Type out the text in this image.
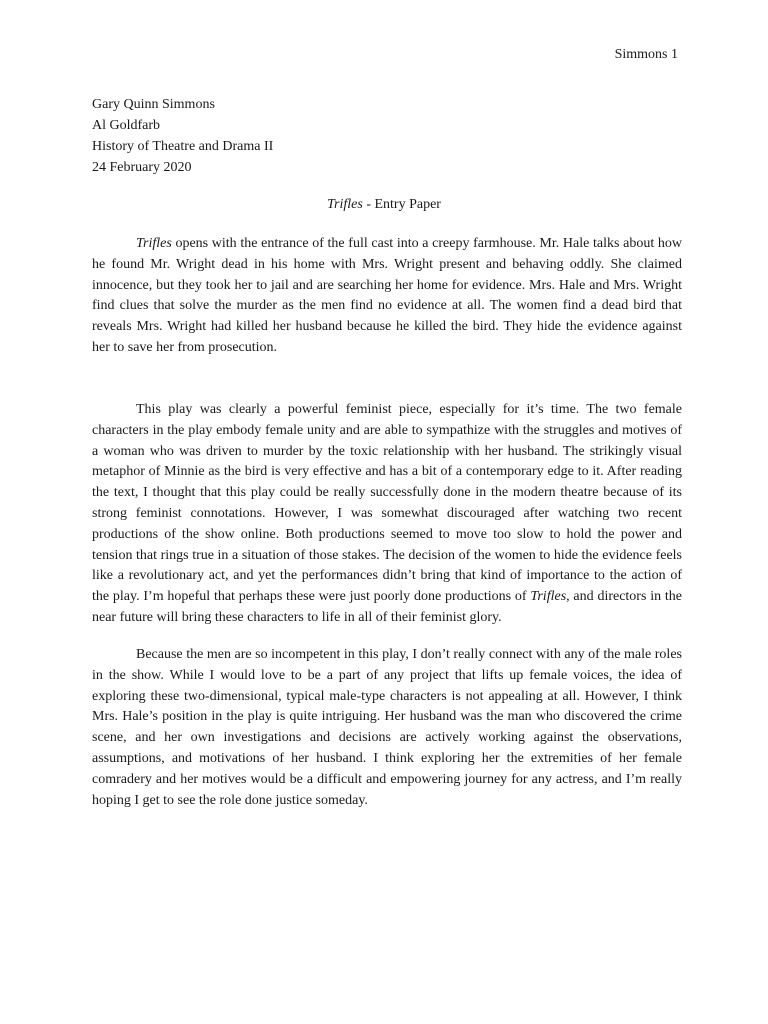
Simmons 1
Gary Quinn Simmons
Al Goldfarb
History of Theatre and Drama II
24 February 2020
Trifles - Entry Paper

Trifles opens with the entrance of the full cast into a creepy farmhouse. Mr. Hale talks about how he found Mr. Wright dead in his home with Mrs. Wright present and behaving oddly. She claimed innocence, but they took her to jail and are searching her home for evidence. Mrs. Hale and Mrs. Wright find clues that solve the murder as the men find no evidence at all. The women find a dead bird that reveals Mrs. Wright had killed her husband because he killed the bird. They hide the evidence against her to save her from prosecution.

This play was clearly a powerful feminist piece, especially for it’s time. The two female characters in the play embody female unity and are able to sympathize with the struggles and motives of a woman who was driven to murder by the toxic relationship with her husband. The strikingly visual metaphor of Minnie as the bird is very effective and has a bit of a contemporary edge to it. After reading the text, I thought that this play could be really successfully done in the modern theatre because of its strong feminist connotations. However, I was somewhat discouraged after watching two recent productions of the show online. Both productions seemed to move too slow to hold the power and tension that rings true in a situation of those stakes. The decision of the women to hide the evidence feels like a revolutionary act, and yet the performances didn’t bring that kind of importance to the action of the play. I’m hopeful that perhaps these were just poorly done productions of Trifles, and directors in the near future will bring these characters to life in all of their feminist glory.

Because the men are so incompetent in this play, I don’t really connect with any of the male roles in the show. While I would love to be a part of any project that lifts up female voices, the idea of exploring these two-dimensional, typical male-type characters is not appealing at all. However, I think Mrs. Hale’s position in the play is quite intriguing. Her husband was the man who discovered the crime scene, and her own investigations and decisions are actively working against the observations, assumptions, and motivations of her husband. I think exploring her the extremities of her female comradery and her motives would be a difficult and empowering journey for any actress, and I’m really hoping I get to see the role done justice someday.
